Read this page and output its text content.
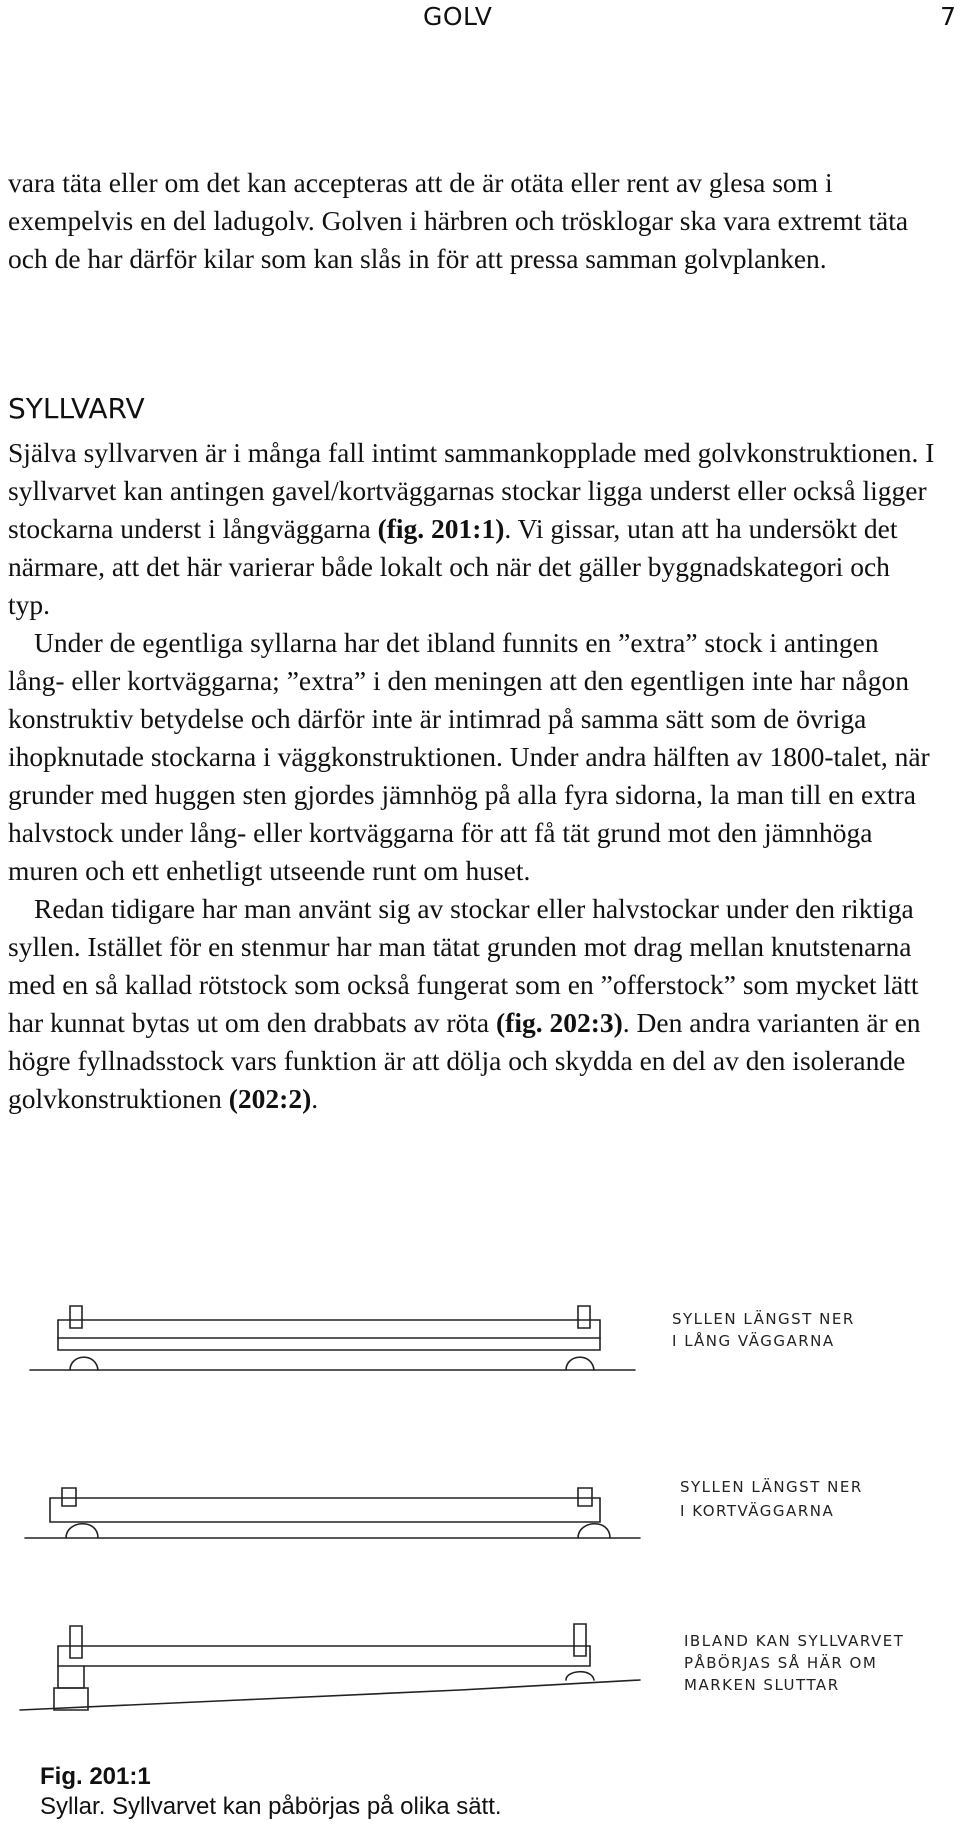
GOLV	7

vara täta eller om det kan accepteras att de är otäta eller rent av glesa som i exempelvis en del ladugolv. Golven i härbren och trösklogar ska vara extremt täta och de har därför kilar som kan slås in för att pressa samman golvplanken.

SYLLVARV
Själva syllvarven är i många fall intimt sammankopplade med golvkonstruktionen. I syllvarvet kan antingen gavel/kortväggarnas stockar ligga underst eller också ligger stockarna underst i långväggarna (fig. 201:1). Vi gissar, utan att ha undersökt det närmare, att det här varierar både lokalt och när det gäller byggnadskategori och typ.
Under de egentliga syllarna har det ibland funnits en ”extra” stock i antingen lång- eller kortväggarna; ”extra” i den meningen att den egentligen inte har någon konstruktiv betydelse och därför inte är intimrad på samma sätt som de övriga ihopknutade stockarna i väggkonstruktionen. Under andra hälften av 1800-talet, när grunder med huggen sten gjordes jämnhög på alla fyra sidorna, la man till en extra halvstock under lång- eller kortväggarna för att få tät grund mot den jämnhöga muren och ett enhetligt utseende runt om huset.
Redan tidigare har man använt sig av stockar eller halvstockar under den riktiga syllen. Istället för en stenmur har man tätat grunden mot drag mellan knutstenarna med en så kallad rötstock som också fungerat som en ”offerstock” som mycket lätt har kunnat bytas ut om den drabbats av röta (fig. 202:3). Den andra varianten är en högre fyllnadsstock vars funktion är att dölja och skydda en del av den isolerande golvkonstruktionen (202:2).
SYLLEN LÄNGST NER
I LÅNG VÄGGARNA
SYLLEN LÄNGST NER
I KORTVÄGGARNA
IBLAND KAN SYLLVARVET
PÅBÖRJAS SÅ HÄR OM
MARKEN SLUTTAR
Fig. 201:1
Syllar. Syllvarvet kan påbörjas på olika sätt.
